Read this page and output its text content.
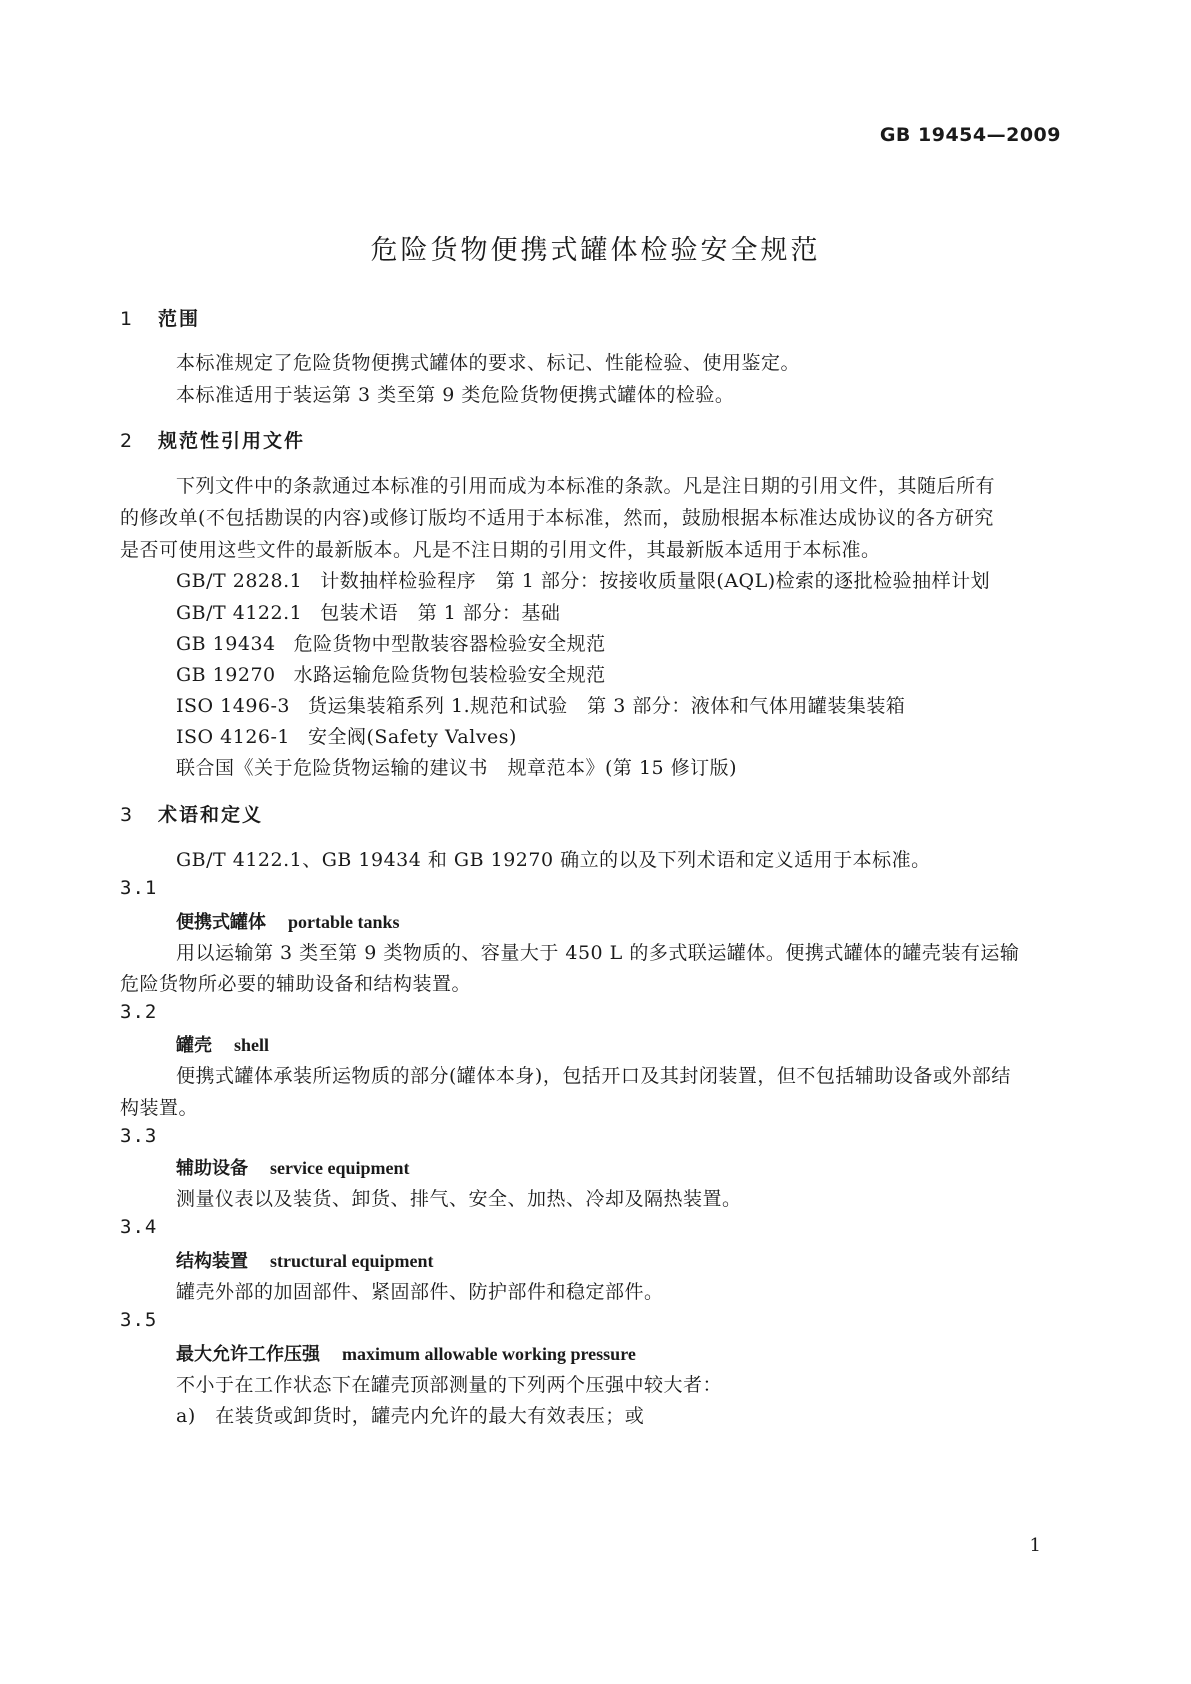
GB 19454—2009
危险货物便携式罐体检验安全规范
1 范围
本标准规定了危险货物便携式罐体的要求、标记、性能检验、使用鉴定。
本标准适用于装运第 3 类至第 9 类危险货物便携式罐体的检验。
2 规范性引用文件
下列文件中的条款通过本标准的引用而成为本标准的条款。凡是注日期的引用文件，其随后所有
的修改单(不包括勘误的内容)或修订版均不适用于本标准，然而，鼓励根据本标准达成协议的各方研究
是否可使用这些文件的最新版本。凡是不注日期的引用文件，其最新版本适用于本标准。
GB/T 2828.1 计数抽样检验程序　第 1 部分：按接收质量限(AQL)检索的逐批检验抽样计划
GB/T 4122.1 包装术语　第 1 部分：基础
GB 19434 危险货物中型散装容器检验安全规范
GB 19270 水路运输危险货物包装检验安全规范
ISO 1496-3 货运集装箱系列 1.规范和试验　第 3 部分：液体和气体用罐装集装箱
ISO 4126-1 安全阀(Safety Valves)
联合国《关于危险货物运输的建议书　规章范本》(第 15 修订版)
3 术语和定义
GB/T 4122.1、GB 19434 和 GB 19270 确立的以及下列术语和定义适用于本标准。
3.1
便携式罐体 portable tanks
用以运输第 3 类至第 9 类物质的、容量大于 450 L 的多式联运罐体。便携式罐体的罐壳装有运输
危险货物所必要的辅助设备和结构装置。
3.2
罐壳 shell
便携式罐体承装所运物质的部分(罐体本身)，包括开口及其封闭装置，但不包括辅助设备或外部结
构装置。
3.3
辅助设备 service equipment
测量仪表以及装货、卸货、排气、安全、加热、冷却及隔热装置。
3.4
结构装置 structural equipment
罐壳外部的加固部件、紧固部件、防护部件和稳定部件。
3.5
最大允许工作压强 maximum allowable working pressure
不小于在工作状态下在罐壳顶部测量的下列两个压强中较大者：
a)　在装货或卸货时，罐壳内允许的最大有效表压；或
1
